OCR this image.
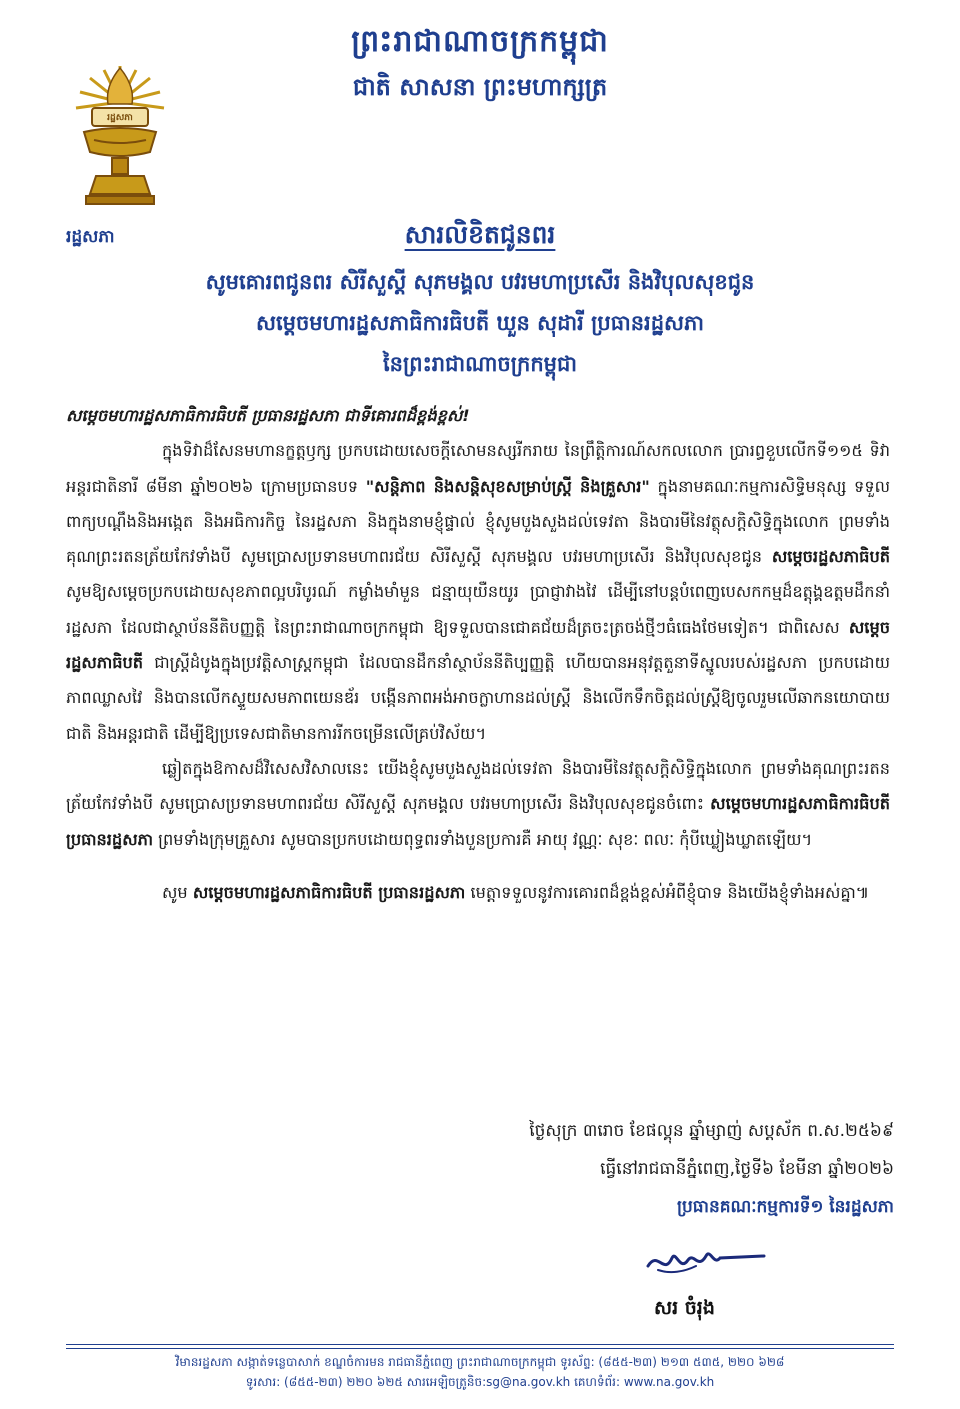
ព្រះរាជាណាចក្រកម្ពុជា
ជាតិ សាសនា ព្រះមហាក្សត្រ
រដ្ឋសភា
រដ្ឋសភា	សារលិខិតជូនពរ
សូមគោរពជូនពរ សិរីសួស្តី សុភមង្គល បវរមហាប្រសើរ និងវិបុលសុខជូន
សម្តេចមហារដ្ឋសភាធិការធិបតី ឃួន សុដារី ប្រធានរដ្ឋសភា
នៃព្រះរាជាណាចក្រកម្ពុជា
សម្តេចមហារដ្ឋសភាធិការធិបតី ប្រធានរដ្ឋសភា ជាទីគោរពដ៏ខ្ពង់ខ្ពស់!

ក្នុងទិវាដ៏សែនមហានក្ខត្តឫក្ស ប្រកបដោយសេចក្តីសោមនស្សរីករាយ នៃព្រឹត្តិការណ៍សកលលោក ប្រារព្ធខួបលើកទី១១៥ ទិវាអន្តរជាតិនារី ៨មីនា ឆ្នាំ២០២៦ ក្រោមប្រធានបទ "សន្តិភាព និងសន្តិសុខសម្រាប់ស្ត្រី និងគ្រួសារ" ក្នុងនាមគណៈកម្មការសិទ្ធិមនុស្ស ទទួលពាក្យបណ្តឹងនិងអង្កេត និងអធិការកិច្ច នៃរដ្ឋសភា និងក្នុងនាមខ្ញុំផ្ទាល់ ខ្ញុំសូមបួងសួងដល់ទេវតា និងបារមីនៃវត្ថុសក្តិសិទ្ធិក្នុងលោក ព្រមទាំងគុណព្រះរតនត្រ័យកែវទាំងបី សូមប្រោសប្រទានមហាពរជ័យ សិរីសួស្តី សុភមង្គល បវរមហាប្រសើរ និងវិបុលសុខជូន សម្តេចរដ្ឋសភាធិបតី សូមឱ្យសម្តេចប្រកបដោយសុខភាពល្អបរិបូរណ៍ កម្លាំងមាំមួន ជន្មាយុយឺនយូរ ប្រាជ្ញាវាងវៃ ដើម្បីនៅបន្តបំពេញបេសកកម្មដ៏ឧត្តុង្គឧត្តមដឹកនាំរដ្ឋសភា ដែលជាស្ថាប័ននីតិបញ្ញត្តិ នៃព្រះរាជាណាចក្រកម្ពុជា ឱ្យទទួលបានជោគជ័យដ៏ត្រចះត្រចង់ថ្មីៗធំធេងថែមទៀត។ ជាពិសេស សម្តេចរដ្ឋសភាធិបតី ជាស្ត្រីដំបូងក្នុងប្រវត្តិសាស្ត្រកម្ពុជា ដែលបានដឹកនាំស្ថាប័ននីតិប្បញ្ញត្តិ ហើយបានអនុវត្តតួនាទីស្នូលរបស់រដ្ឋសភា ប្រកបដោយភាពឈ្លាសវៃ និងបានលើកស្ទួយសមភាពយេនឌ័រ បង្កើនភាពអង់អាចក្លាហានដល់ស្ត្រី និងលើកទឹកចិត្តដល់ស្ត្រីឱ្យចូលរួមលើឆាកនយោបាយជាតិ និងអន្តរជាតិ ដើម្បីឱ្យប្រទេសជាតិមានការរីកចម្រើនលើគ្រប់វិស័យ។

ឆ្លៀតក្នុងឱកាសដ៏វិសេសវិសាលនេះ យើងខ្ញុំសូមបួងសួងដល់ទេវតា និងបារមីនៃវត្ថុសក្តិសិទ្ធិក្នុងលោក ព្រមទាំងគុណព្រះរតនត្រ័យកែវទាំងបី សូមប្រោសប្រទានមហាពរជ័យ សិរីសួស្តី សុភមង្គល បវរមហាប្រសើរ និងវិបុលសុខជូនចំពោះ សម្តេចមហារដ្ឋសភាធិការធិបតី ប្រធានរដ្ឋសភា ព្រមទាំងក្រុមគ្រួសារ សូមបានប្រកបដោយពុទ្ធពរទាំងបួនប្រការគឺ អាយុ វណ្ណៈ សុខៈ ពលៈ កុំបីឃ្លៀងឃ្លាតឡើយ។

សូម សម្តេចមហារដ្ឋសភាធិការធិបតី ប្រធានរដ្ឋសភា មេត្តាទទួលនូវការគោរពដ៏ខ្ពង់ខ្ពស់អំពីខ្ញុំបាទ និងយើងខ្ញុំទាំងអស់គ្នា៕

ថ្ងៃសុក្រ ៣រោច ខែផល្គុន ឆ្នាំម្សាញ់ សប្តស័ក ព.ស.២៥៦៩
ធ្វើនៅរាជធានីភ្នំពេញ,ថ្ងៃទី៦ ខែមីនា ឆ្នាំ២០២៦
ប្រធានគណៈកម្មការទី១ នៃរដ្ឋសភា
សរ ចំរុង
វិមានរដ្ឋសភា សង្កាត់ទន្លេបាសាក់ ខណ្ឌចំការមន រាជធានីភ្នំពេញ ព្រះរាជាណាចក្រកម្ពុជា ទូរស័ព្ទ: (៨៥៥-២៣) ២១៣ ៥៣៥, ២២០ ៦២៨
ទូរសារ: (៨៥៥-២៣) ២២០ ៦២៥ សារអេឡិចត្រូនិច:sg@na.gov.kh គេហទំព័រ: www.na.gov.kh
